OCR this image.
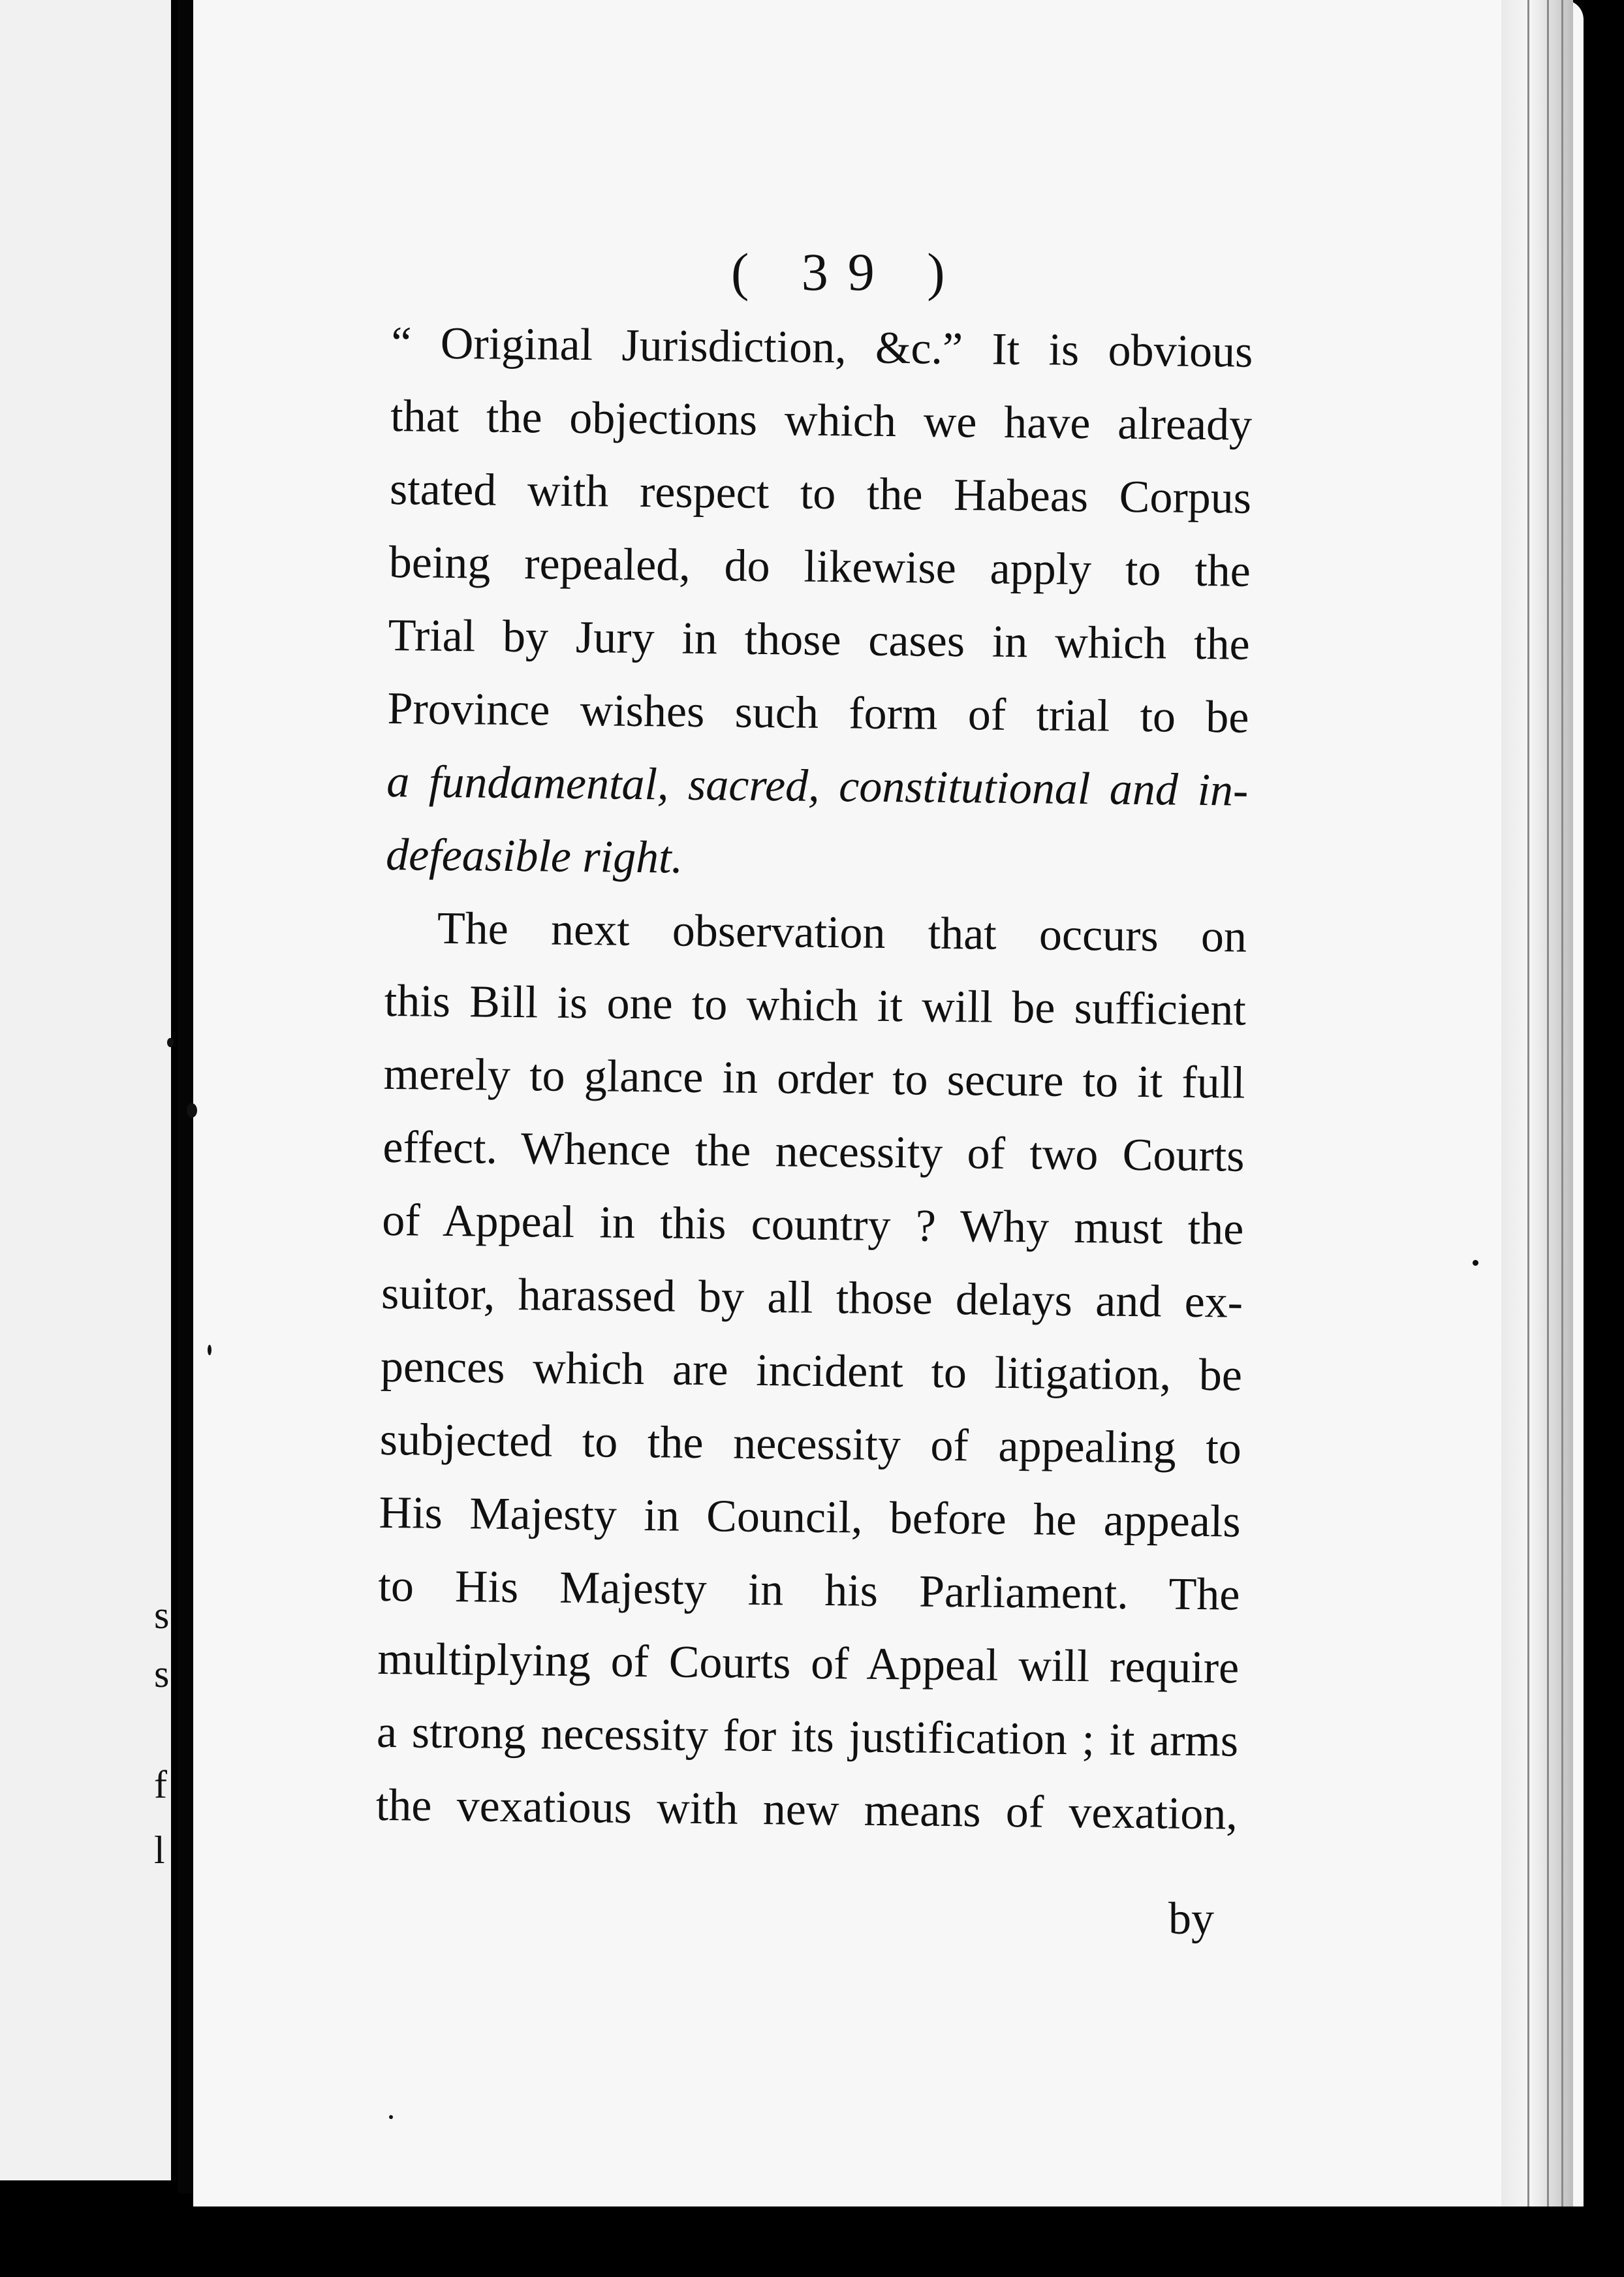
s
s
f
l
( 39 )
“ Original Jurisdiction, &c.” It is obvious
that the objections which we have already
stated with respect to the Habeas Corpus
being repealed, do likewise apply to the
Trial by Jury in those cases in which the
Province wishes such form of trial to be
a fundamental, sacred, constitutional and in-
defeasible right.
The next observation that occurs on
this Bill is one to which it will be sufficient
merely to glance in order to secure to it full
effect. Whence the necessity of two Courts
of Appeal in this country ? Why must the
suitor, harassed by all those delays and ex-
pences which are incident to litigation, be
subjected to the necessity of appealing to
His Majesty in Council, before he appeals
to His Majesty in his Parliament. The
multiplying of Courts of Appeal will require
a strong necessity for its justification ; it arms
the vexatious with new means of vexation,
by
